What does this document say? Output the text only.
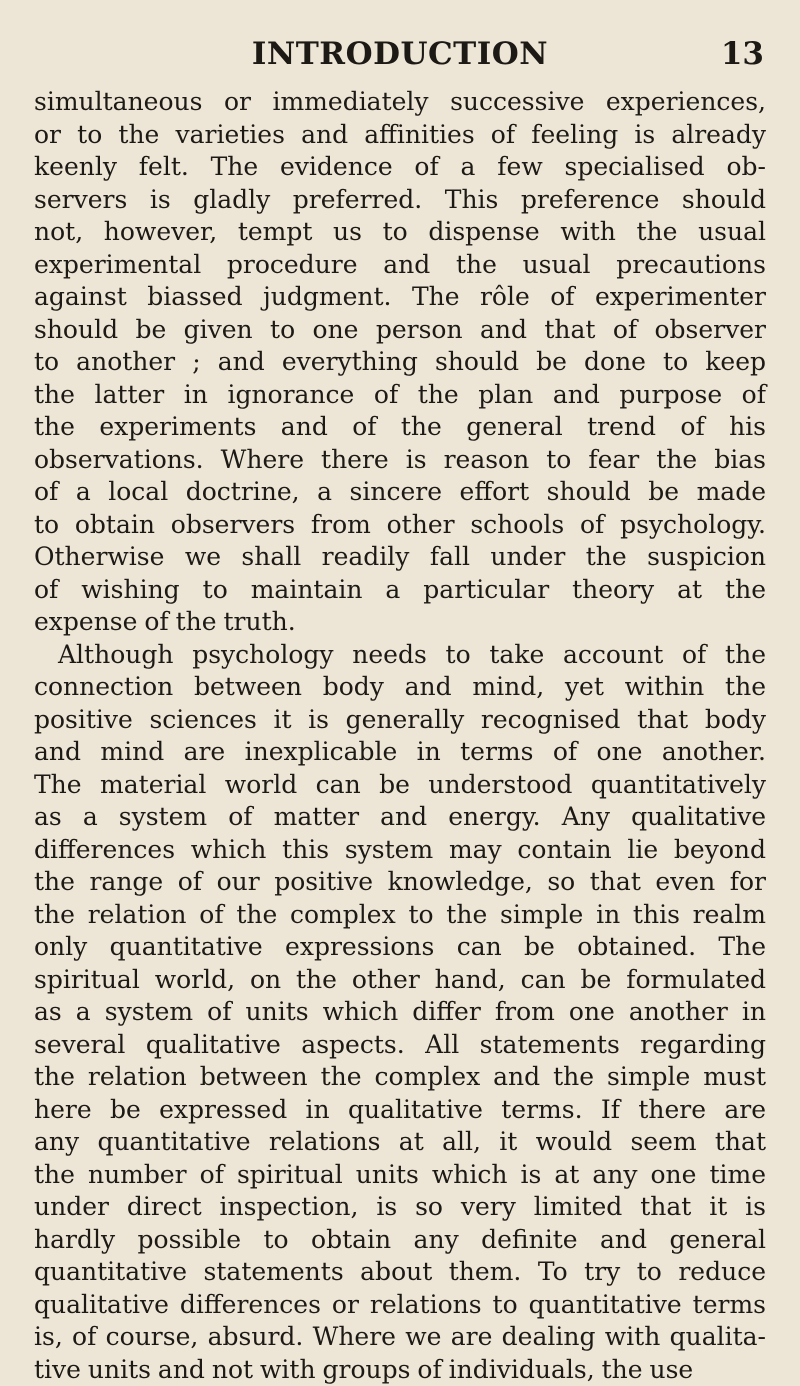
INTRODUCTION	13
simultaneous or immediately successive experiences,
or to the varieties and affinities of feeling is already
keenly felt. The evidence of a few specialised ob-
servers is gladly preferred. This preference should
not, however, tempt us to dispense with the usual
experimental procedure and the usual precautions
against biassed judgment. The rôle of experimenter
should be given to one person and that of observer
to another ; and everything should be done to keep
the latter in ignorance of the plan and purpose of
the experiments and of the general trend of his
observations. Where there is reason to fear the bias
of a local doctrine, a sincere effort should be made
to obtain observers from other schools of psychology.
Otherwise we shall readily fall under the suspicion
of wishing to maintain a particular theory at the
expense of the truth.
Although psychology needs to take account of the
connection between body and mind, yet within the
positive sciences it is generally recognised that body
and mind are inexplicable in terms of one another.
The material world can be understood quantitatively
as a system of matter and energy. Any qualitative
differences which this system may contain lie beyond
the range of our positive knowledge, so that even for
the relation of the complex to the simple in this realm
only quantitative expressions can be obtained. The
spiritual world, on the other hand, can be formulated
as a system of units which differ from one another in
several qualitative aspects. All statements regarding
the relation between the complex and the simple must
here be expressed in qualitative terms. If there are
any quantitative relations at all, it would seem that
the number of spiritual units which is at any one time
under direct inspection, is so very limited that it is
hardly possible to obtain any definite and general
quantitative statements about them. To try to reduce
qualitative differences or relations to quantitative terms
is, of course, absurd. Where we are dealing with qualita-
tive units and not with groups of individuals, the use
